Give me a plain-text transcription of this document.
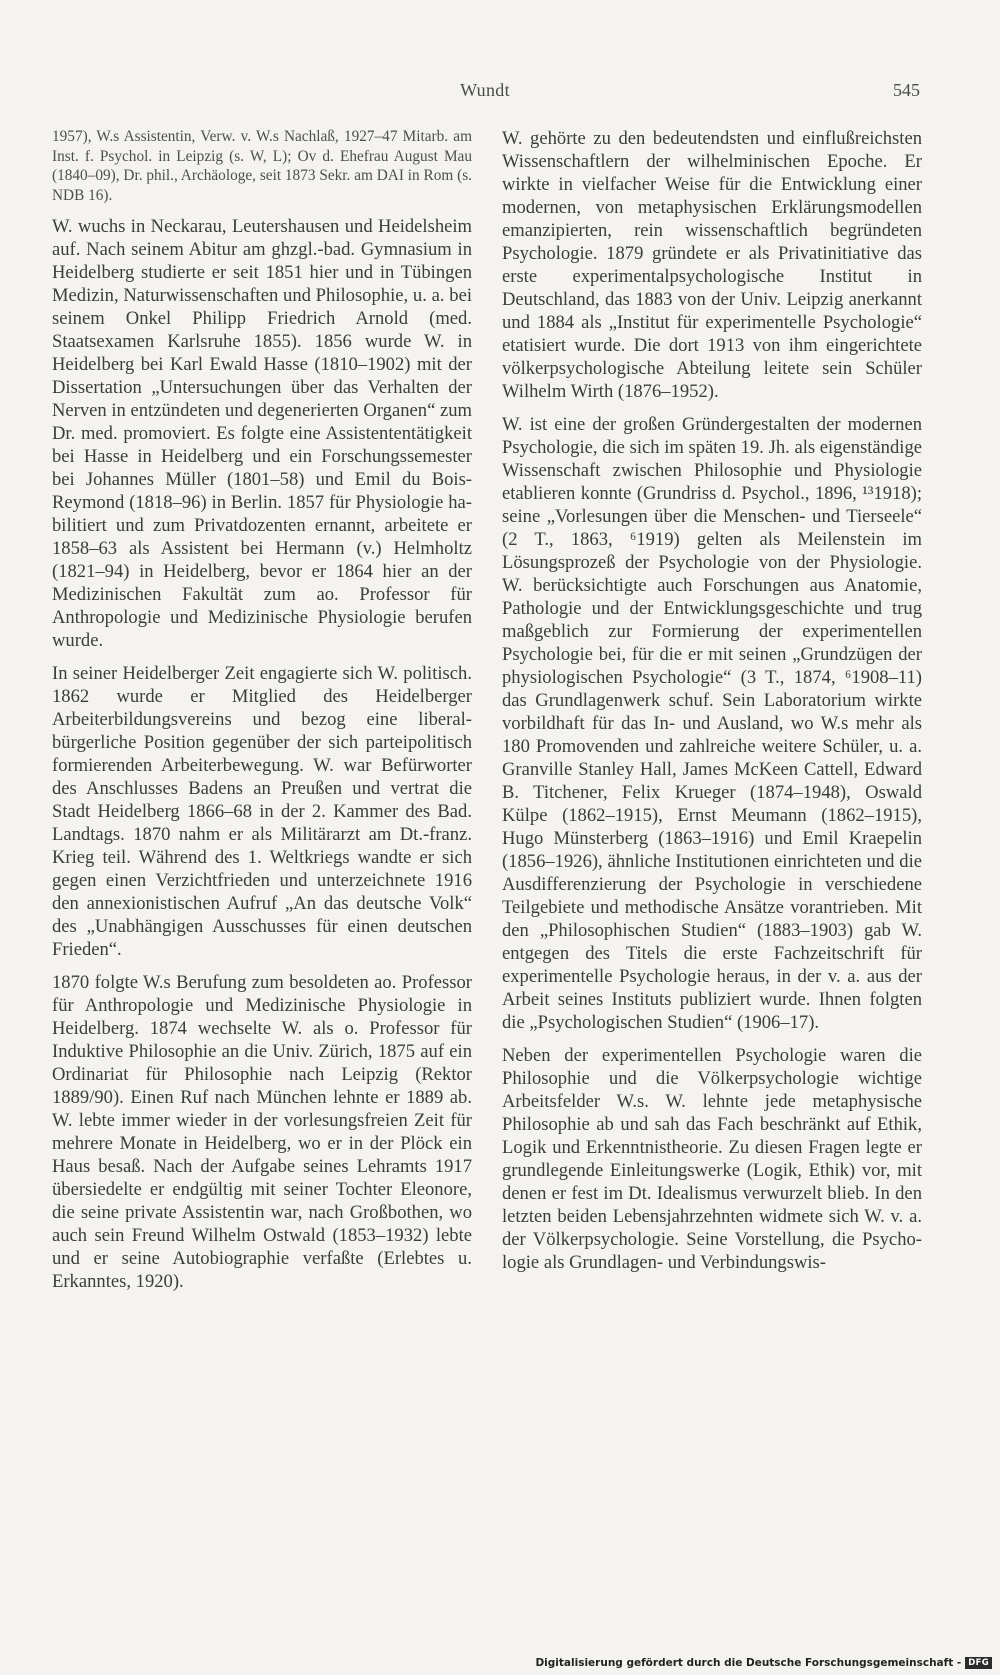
Wundt	545

1957), W.s Assistentin, Verw. v. W.s Nachlaß, 1927–47 Mitarb. am Inst. f. Psychol. in Leipzig (s. W, L); Ov d. Ehefrau August Mau (1840–09), Dr. phil., Archäologe, seit 1873 Sekr. am DAI in Rom (s. NDB 16).

W. wuchs in Neckarau, Leutershausen und Heidelsheim auf. Nach seinem Abitur am ghzgl.-bad. Gymnasium in Heidelberg studierte er seit 1851 hier und in Tübingen Medizin, Naturwissenschaften und Philosophie, u. a. bei seinem Onkel Philipp Friedrich Arnold (med. Staatsexamen Karlsruhe 1855). 1856 wurde W. in Heidelberg bei Karl Ewald Hasse (1810–1902) mit der Dissertation „Untersuchungen über das Verhalten der Nerven in entzündeten und degenerierten Organen“ zum Dr. med. promoviert. Es folgte eine Assistententätigkeit bei Hasse in Heidelberg und ein Forschungssemester bei Johannes Müller (1801–58) und Emil du Bois-Reymond (1818–96) in Berlin. 1857 für Physiologie habilitiert und zum Privatdozenten ernannt, arbeitete er 1858–63 als Assistent bei Hermann (v.) Helmholtz (1821–94) in Heidelberg, bevor er 1864 hier an der Medizinischen Fakultät zum ao. Professor für Anthropologie und Medizinische Physiologie berufen wurde.

In seiner Heidelberger Zeit engagierte sich W. politisch. 1862 wurde er Mitglied des Heidelberger Arbeiterbildungsvereins und bezog eine liberal-bürgerliche Position gegenüber der sich parteipolitisch formierenden Arbeiterbewegung. W. war Befürworter des Anschlusses Badens an Preußen und vertrat die Stadt Heidelberg 1866–68 in der 2. Kammer des Bad. Landtags. 1870 nahm er als Militärarzt am Dt.-franz. Krieg teil. Während des 1. Weltkriegs wandte er sich gegen einen Verzichtfrieden und unterzeichnete 1916 den annexionistischen Aufruf „An das deutsche Volk“ des „Unabhängigen Ausschusses für einen deutschen Frieden“.

1870 folgte W.s Berufung zum besoldeten ao. Professor für Anthropologie und Medizinische Physiologie in Heidelberg. 1874 wechselte W. als o. Professor für Induktive Philosophie an die Univ. Zürich, 1875 auf ein Ordinariat für Philosophie nach Leipzig (Rektor 1889/90). Einen Ruf nach München lehnte er 1889 ab. W. lebte immer wieder in der vorlesungsfreien Zeit für mehrere Monate in Heidelberg, wo er in der Plöck ein Haus besaß. Nach der Aufgabe seines Lehramts 1917 übersiedelte er endgültig mit seiner Tochter Eleonore, die seine private Assistentin war, nach Großbothen, wo auch sein Freund Wilhelm Ostwald (1853–1932) lebte und er seine Autobiographie verfaßte (Erlebtes u. Erkanntes, 1920).

W. gehörte zu den bedeutendsten und einflußreichsten Wissenschaftlern der wilhelminischen Epoche. Er wirkte in vielfacher Weise für die Entwicklung einer modernen, von metaphysischen Erklärungsmodellen emanzipierten, rein wissenschaftlich begründeten Psychologie. 1879 gründete er als Privatinitiative das erste experimentalpsychologische Institut in Deutschland, das 1883 von der Univ. Leipzig anerkannt und 1884 als „Institut für experimentelle Psychologie“ etatisiert wurde. Die dort 1913 von ihm eingerichtete völkerpsychologische Abteilung leitete sein Schüler Wilhelm Wirth (1876–1952).

W. ist eine der großen Gründergestalten der modernen Psychologie, die sich im späten 19. Jh. als eigenständige Wissenschaft zwischen Philosophie und Physiologie etablieren konnte (Grundriss d. Psychol., 1896, ¹³1918); seine „Vorlesungen über die Menschen- und Tierseele“ (2 T., 1863, ⁶1919) gelten als Meilenstein im Lösungsprozeß der Psychologie von der Physiologie. W. berücksichtigte auch Forschungen aus Anatomie, Pathologie und der Entwicklungsgeschichte und trug maßgeblich zur Formierung der experimentellen Psychologie bei, für die er mit seinen „Grundzügen der physiologischen Psychologie“ (3 T., 1874, ⁶1908–11) das Grundlagenwerk schuf. Sein Laboratorium wirkte vorbildhaft für das In- und Ausland, wo W.s mehr als 180 Promovenden und zahlreiche weitere Schüler, u. a. Granville Stanley Hall, James McKeen Cattell, Edward B. Titchener, Felix Krueger (1874–1948), Oswald Külpe (1862–1915), Ernst Meumann (1862–1915), Hugo Münsterberg (1863–1916) und Emil Kraepelin (1856–1926), ähnliche Institutionen einrichteten und die Ausdifferenzierung der Psychologie in verschiedene Teilgebiete und methodische Ansätze vorantrieben. Mit den „Philosophischen Studien“ (1883–1903) gab W. entgegen des Titels die erste Fachzeitschrift für experimentelle Psychologie heraus, in der v. a. aus der Arbeit seines Instituts publiziert wurde. Ihnen folgten die „Psychologischen Studien“ (1906–17).

Neben der experimentellen Psychologie waren die Philosophie und die Völkerpsychologie wichtige Arbeitsfelder W.s. W. lehnte jede metaphysische Philosophie ab und sah das Fach beschränkt auf Ethik, Logik und Erkenntnistheorie. Zu diesen Fragen legte er grundlegende Einleitungswerke (Logik, Ethik) vor, mit denen er fest im Dt. Idealismus verwurzelt blieb. In den letzten beiden Lebensjahrzehnten widmete sich W. v. a. der Völkerpsychologie. Seine Vorstellung, die Psychologie als Grundlagen- und Verbindungswis-

Digitalisierung gefördert durch die Deutsche Forschungsgemeinschaft - DFG
